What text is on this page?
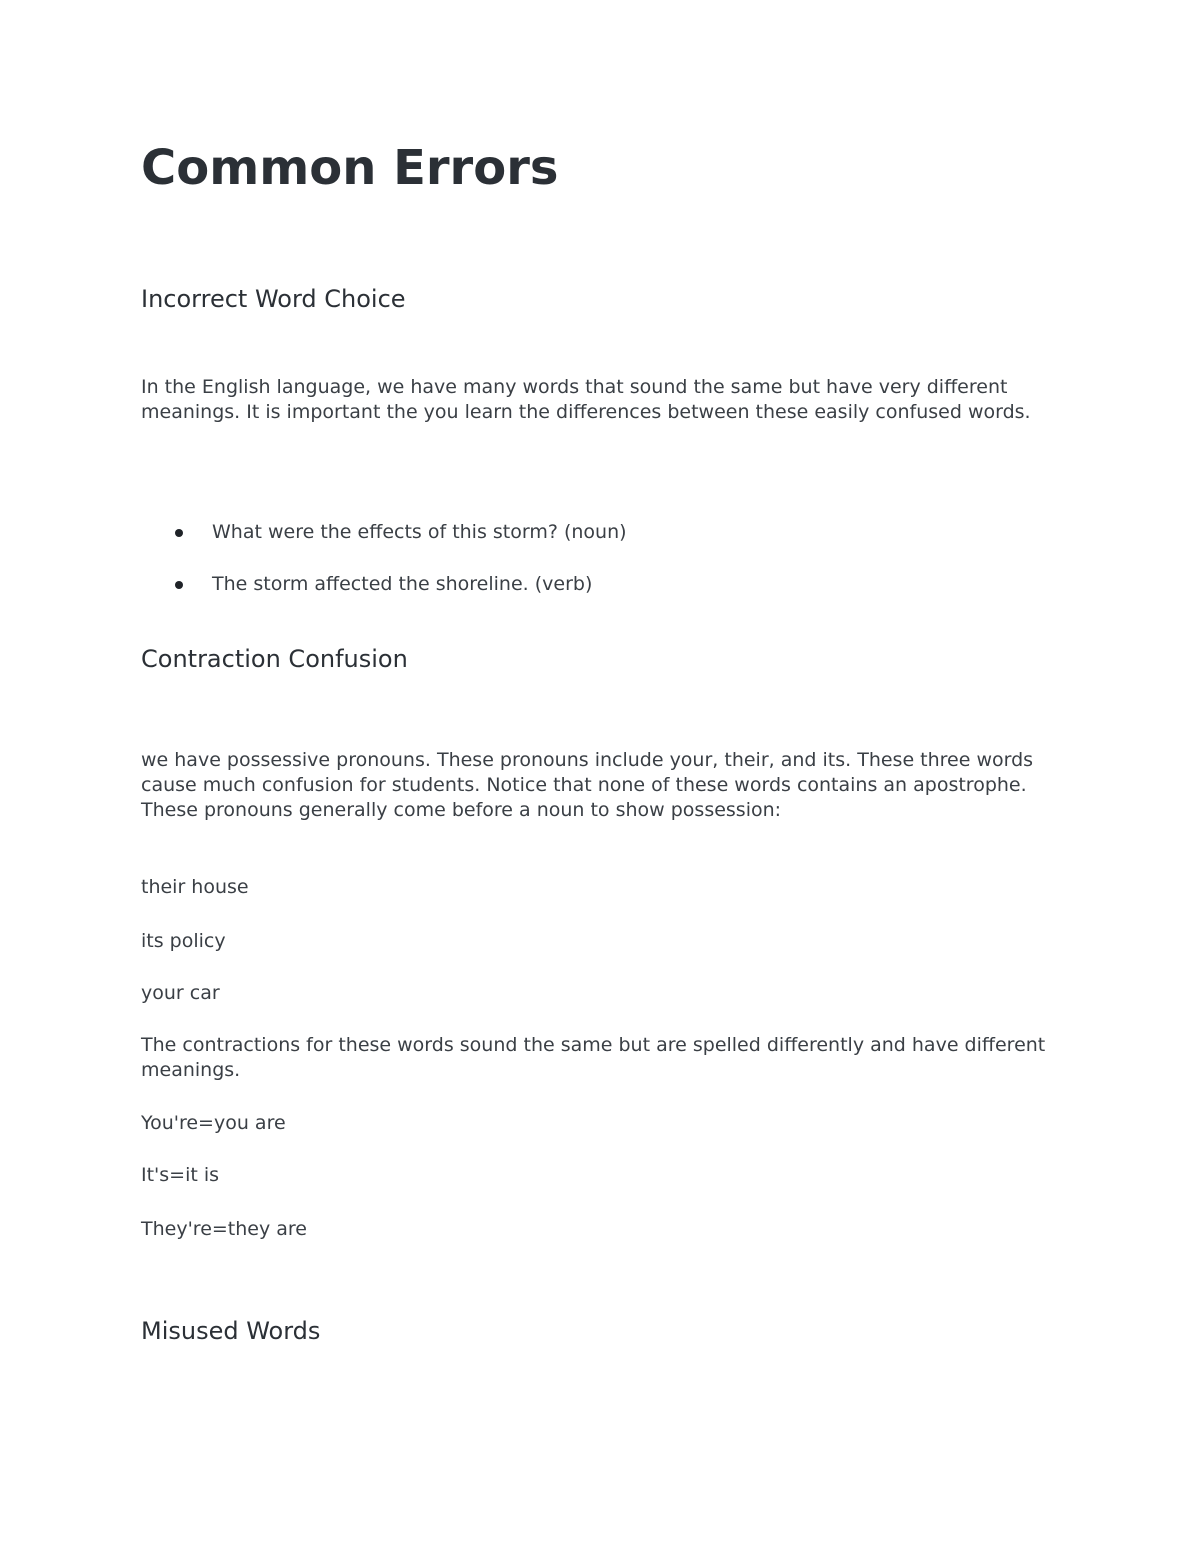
Common Errors
Incorrect Word Choice

In the English language, we have many words that sound the same but have very different meanings. It is important the you learn the differences between these easily confused words.

What were the effects of this storm? (noun)
The storm affected the shoreline. (verb)
Contraction Confusion

we have possessive pronouns. These pronouns include your, their, and its. These three words cause much confusion for students. Notice that none of these words contains an apostrophe. These pronouns generally come before a noun to show possession:

their house

its policy

your car

The contractions for these words sound the same but are spelled differently and have different meanings.

You're=you are

It's=it is

They're=they are

Misused Words
